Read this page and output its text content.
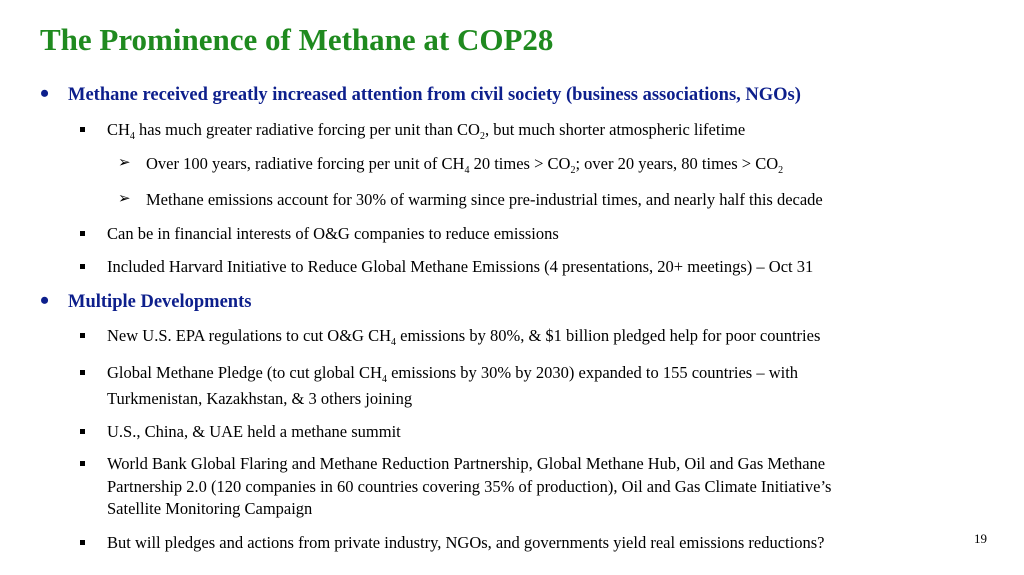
The Prominence of Methane at COP28
• Methane received greatly increased attention from civil society (business associations, NGOs)
$CH_4$ has much greater radiative forcing per unit than $CO_2$, but much shorter atmospheric lifetime
➢ Over 100 years, radiative forcing per unit of $CH_4$ 20 times > $CO_2$; over 20 years, 80 times > $CO_2$
➢ Methane emissions account for 30% of warming since pre-industrial times, and nearly half this decade
Can be in financial interests of O&G companies to reduce emissions
Included Harvard Initiative to Reduce Global Methane Emissions (4 presentations, 20+ meetings) – Oct 31
• Multiple Developments
New U.S. EPA regulations to cut O&G $CH_4$ emissions by 80%, & $1 billion pledged help for poor countries
Global Methane Pledge (to cut global $CH_4$ emissions by 30% by 2030) expanded to 155 countries – with
Turkmenistan, Kazakhstan, & 3 others joining
U.S., China, & UAE held a methane summit
World Bank Global Flaring and Methane Reduction Partnership, Global Methane Hub, Oil and Gas Methane
Partnership 2.0 (120 companies in 60 countries covering 35% of production), Oil and Gas Climate Initiative’s
Satellite Monitoring Campaign
But will pledges and actions from private industry, NGOs, and governments yield real emissions reductions?	19
